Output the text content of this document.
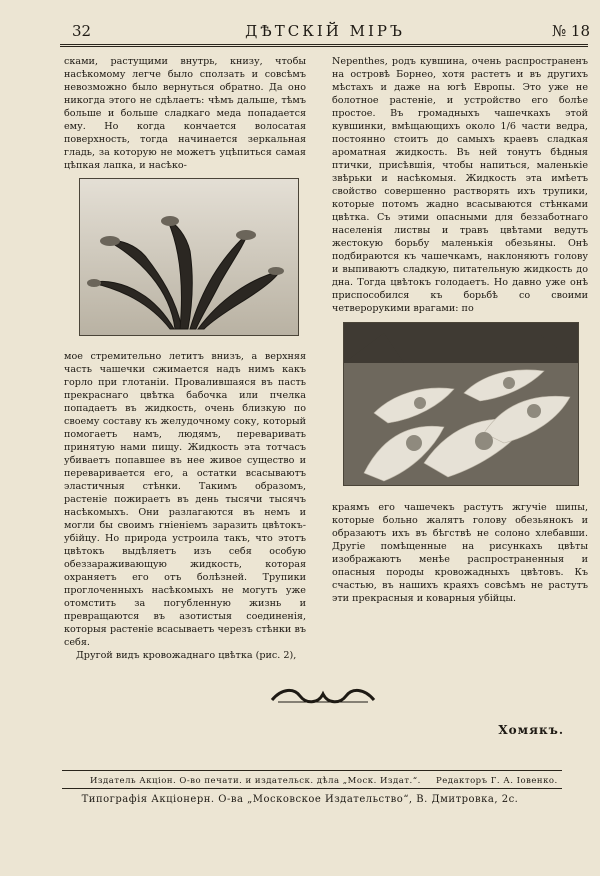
32	ДѢТСКІЙ МІРЪ	№ 18

сками, растущими внутрь, книзу, чтобы насѣкомому легче было сползать и совсѣмъ невозможно было вернуться обратно. Да оно никогда этого не сдѣлаетъ: чѣмъ дальше, тѣмъ больше и больше сладкаго меда попадается ему. Но когда кончается волосатая поверхность, тогда начинается зеркальная гладь, за которую не можетъ уцѣпиться самая цѣпкая лапка, и насѣко-

мое стремительно летитъ внизъ, а верхняя часть чашечки сжимается надъ нимъ какъ горло при глотаніи. Провалившаяся въ пасть прекраснаго цвѣтка бабочка или пчелка попадаетъ въ жидкость, очень близкую по своему составу къ желудочному соку, который помогаетъ намъ, людямъ, переваривать принятую нами пищу. Жидкость эта тотчасъ убиваетъ попавшее въ нее живое существо и переваривается его, а остатки всасываютъ эластичныя стѣнки. Такимъ образомъ, растеніе пожираетъ въ день тысячи тысячъ насѣкомыхъ. Они разлагаются въ немъ и могли бы своимъ гніеніемъ заразить цвѣтокъ-убійцу. Но природа устроила такъ, что этотъ цвѣтокъ выдѣляетъ изъ себя особую обеззараживающую жидкость, которая охраняетъ его отъ болѣзней. Трупики проглоченныхъ насѣкомыхъ не могутъ уже отомстить за погубленную жизнь и превращаются въ азотистыя соединенія, которыя растеніе всасываетъ черезъ стѣнки въ себя.

Другой видъ кровожаднаго цвѣтка (рис. 2),

Nepenthes, родъ кувшина, очень распространенъ на островѣ Борнео, хотя растетъ и въ другихъ мѣстахъ и даже на югѣ Европы. Это уже не болотное растеніе, и устройство его болѣе простое. Въ громадныхъ чашечкахъ этой кувшинки, вмѣщающихъ около 1/6 части ведра, постоянно стоитъ до самыхъ краевъ сладкая ароматная жидкость. Въ ней тонутъ бѣдныя птички, присѣвшія, чтобы напиться, маленькіе звѣрьки и насѣкомыя. Жидкость эта имѣетъ свойство совершенно растворять ихъ трупики, которые потомъ жадно всасываются стѣнками цвѣтка. Съ этими опасными для беззаботнаго населенія листвы и травъ цвѣтами ведутъ жестокую борьбу маленькія обезьяны. Онѣ подбираются къ чашечкамъ, наклоняютъ голову и выпиваютъ сладкую, питательную жидкость до дна. Тогда цвѣтокъ голодаетъ. Но давно уже онѣ приспособился къ борьбѣ со своими четверорукими врагами: по

краямъ его чашечекъ растутъ жгучіе шипы, которые больно жалятъ голову обезьянокъ и образаютъ ихъ въ бѣгствѣ не солоно хлебавши. Другіе помѣщенные на рисункахъ цвѣты изображаютъ менѣе распространенныя и опасныя породы кровожадныхъ цвѣтовъ. Къ счастью, въ нашихъ краяхъ совсѣмъ не растутъ эти прекрасныя и коварныя убійцы.

Хомякъ.
Издатель Акціон. О-во печати. и издательск. дѣла „Моск. Издат.“. Редакторъ Г. А. Іовенко.
Типографія Акціонерн. О-ва „Московское Издательство“, В. Дмитровка, 2с.
